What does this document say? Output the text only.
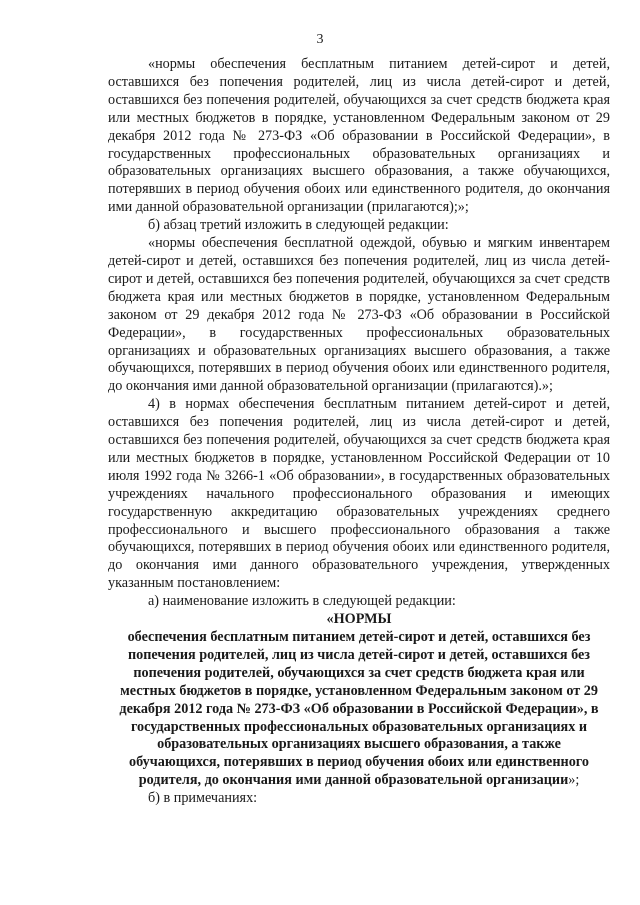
3

«нормы обеспечения бесплатным питанием детей-сирот и детей, оставшихся без попечения родителей, лиц из числа детей-сирот и детей, оставшихся без попечения родителей, обучающихся за счет средств бюджета края или местных бюджетов в порядке, установленном Федеральным законом от 29 декабря 2012 года № 273-ФЗ «Об образовании в Российской Федерации», в государственных профессиональных образовательных организациях и образовательных организациях высшего образования, а также обучающихся, потерявших в период обучения обоих или единственного родителя, до окончания ими данной образовательной организации (прилагаются);»;

б) абзац третий изложить в следующей редакции:

«нормы обеспечения бесплатной одеждой, обувью и мягким инвентарем детей-сирот и детей, оставшихся без попечения родителей, лиц из числа детей-сирот и детей, оставшихся без попечения родителей, обучающихся за счет средств бюджета края или местных бюджетов в порядке, установленном Федеральным законом от 29 декабря 2012 года № 273-ФЗ «Об образовании в Российской Федерации», в государственных профессиональных образовательных организациях и образовательных организациях высшего образования, а также обучающихся, потерявших в период обучения обоих или единственного родителя, до окончания ими данной образовательной организации (прилагаются).»;

4) в нормах обеспечения бесплатным питанием детей-сирот и детей, оставшихся без попечения родителей, лиц из числа детей-сирот и детей, оставшихся без попечения родителей, обучающихся за счет средств бюджета края или местных бюджетов в порядке, установленном Российской Федерации от 10 июля 1992 года № 3266-1 «Об образовании», в государственных образовательных учреждениях начального профессионального образования и имеющих государственную аккредитацию образовательных учреждениях среднего профессионального и высшего профессионального образования а также обучающихся, потерявших в период обучения обоих или единственного родителя, до окончания ими данного образовательного учреждения, утвержденных указанным постановлением:

а) наименование изложить в следующей редакции:

«НОРМЫ

обеспечения бесплатным питанием детей-сирот и детей, оставшихся без попечения родителей, лиц из числа детей-сирот и детей, оставшихся без попечения родителей, обучающихся за счет средств бюджета края или местных бюджетов в порядке, установленном Федеральным законом от 29 декабря 2012 года № 273-ФЗ «Об образовании в Российской Федерации», в государственных профессиональных образовательных организациях и образовательных организациях высшего образования, а также обучающихся, потерявших в период обучения обоих или единственного родителя, до окончания ими данной образовательной организации»;

б) в примечаниях:
